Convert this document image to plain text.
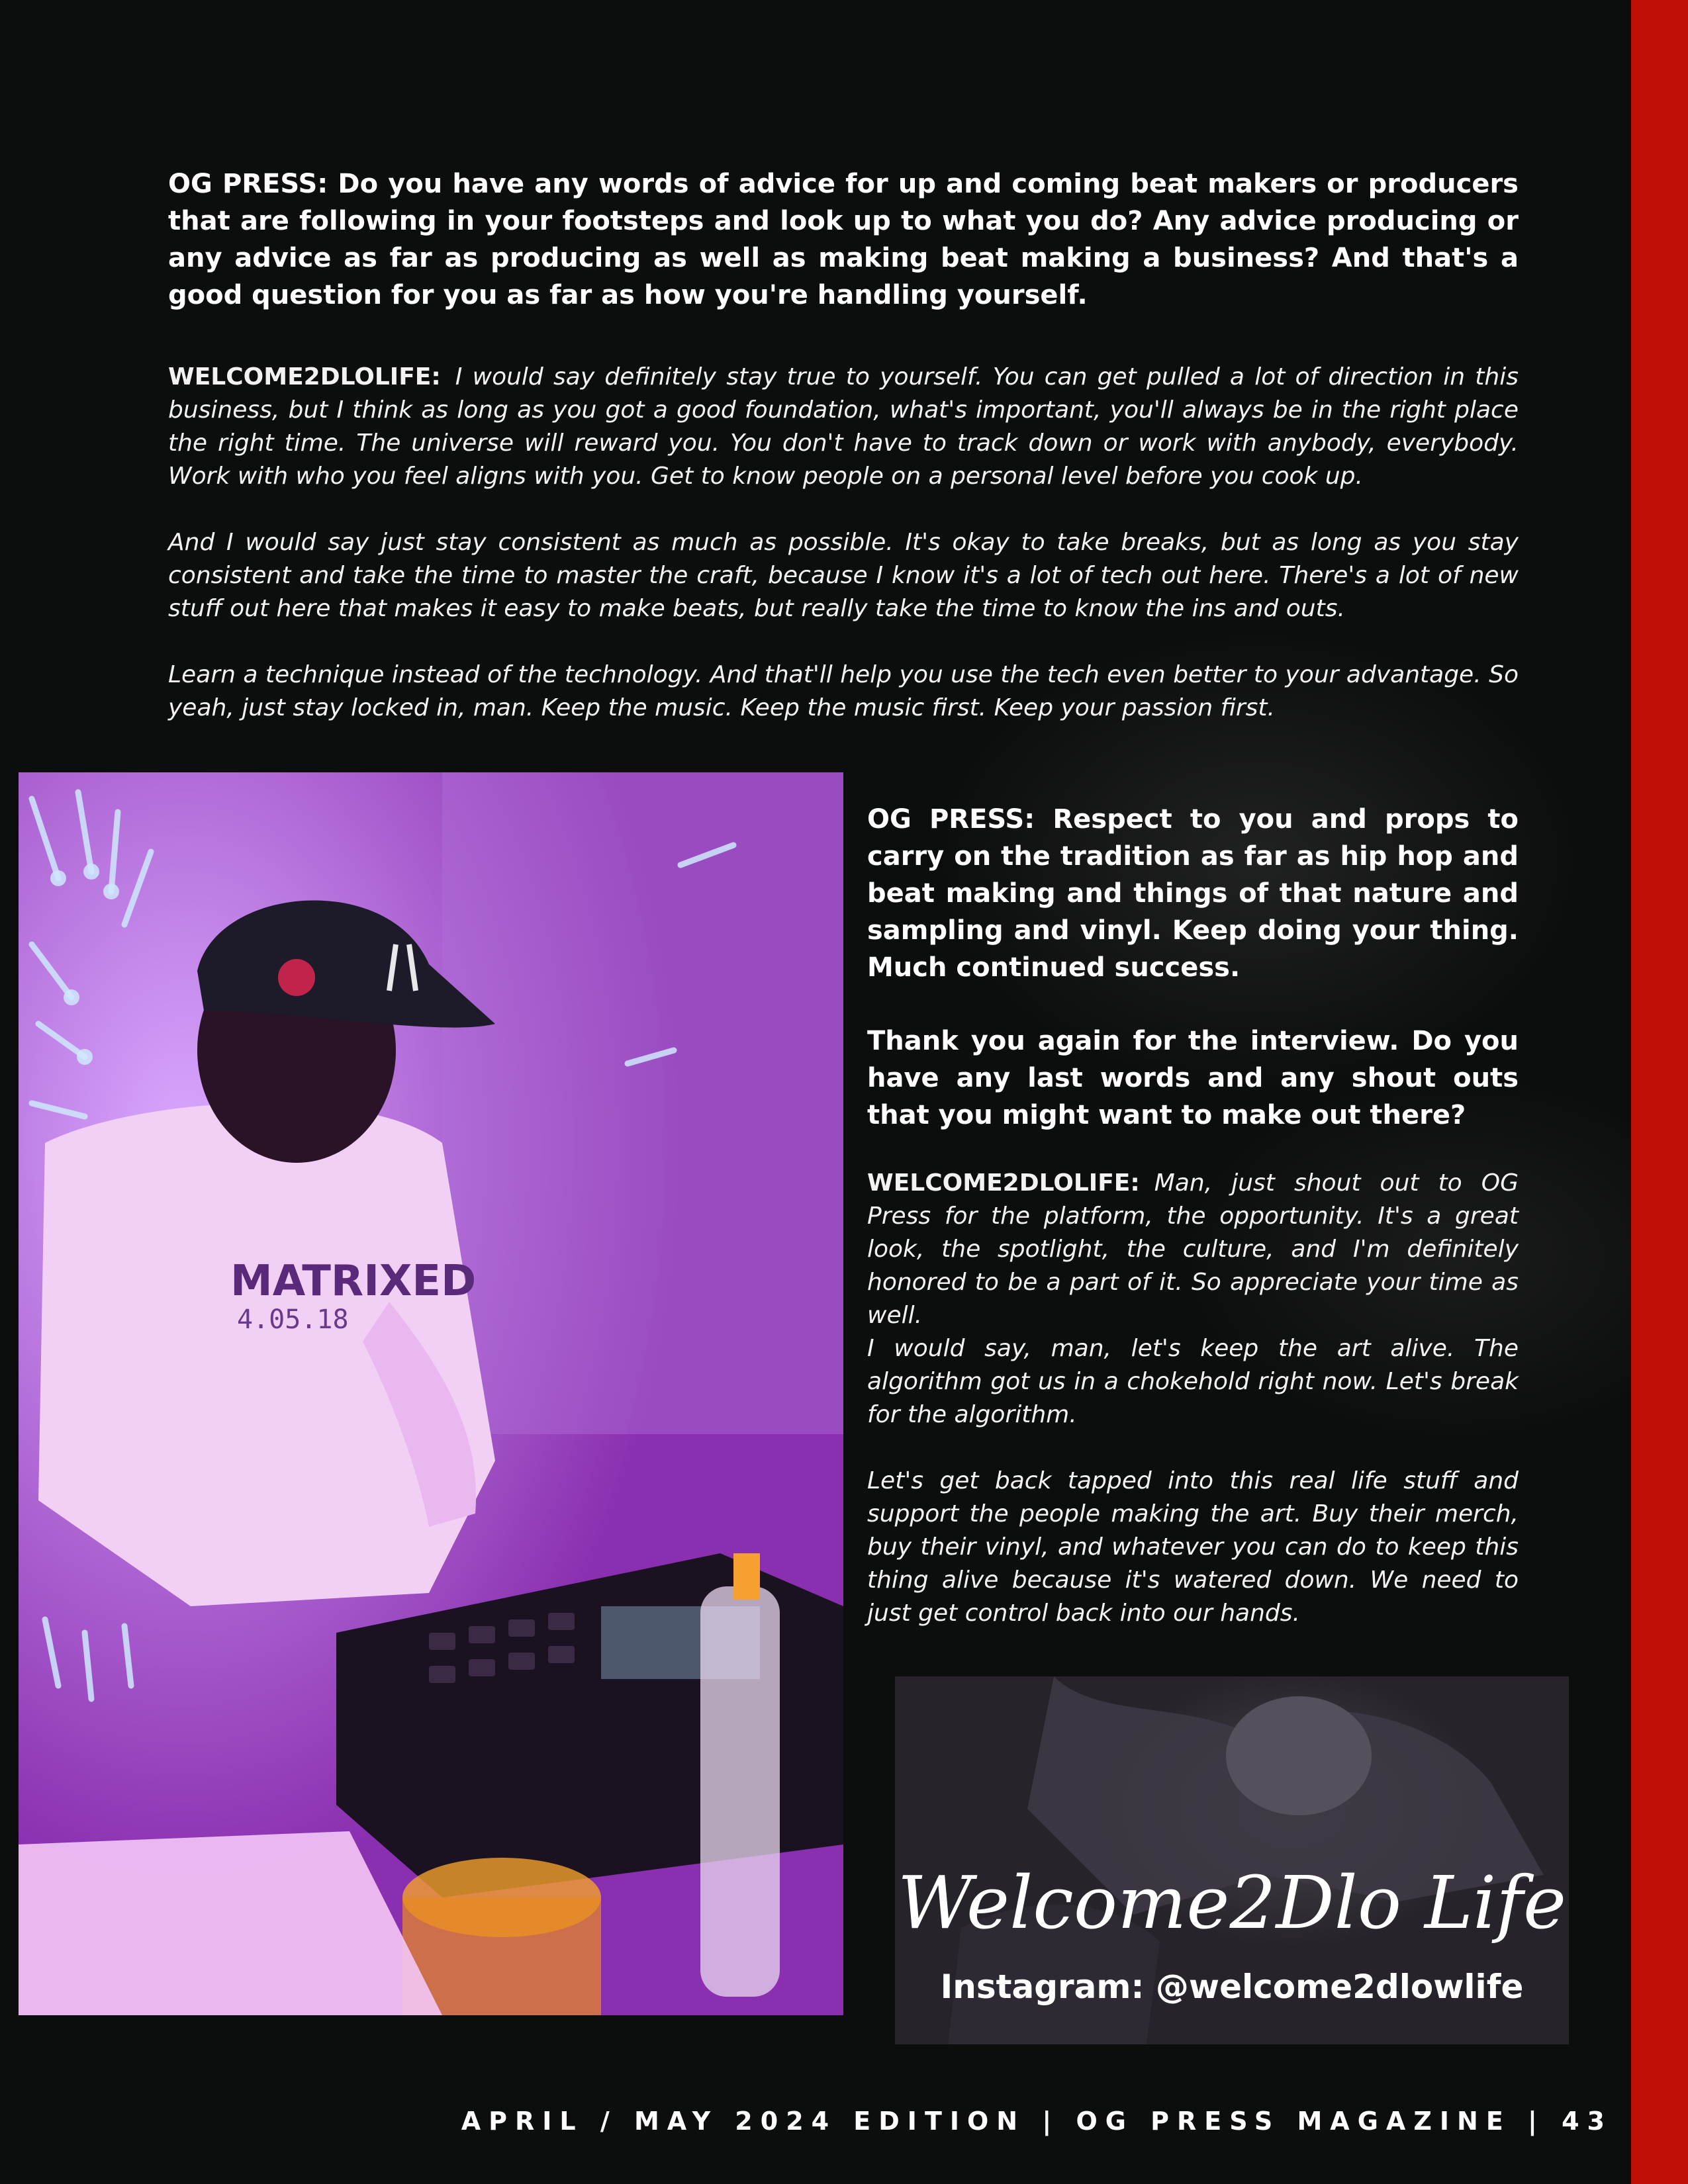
OG PRESS: Do you have any words of advice for up and coming beat makers or producers that are following in your footsteps and look up to what you do? Any advice producing or any advice as far as producing as well as making beat making a business? And that's a good question for you as far as how you're handling yourself.

WELCOME2DLOLIFE: I would say definitely stay true to yourself. You can get pulled a lot of direction in this business, but I think as long as you got a good foundation, what's important, you'll always be in the right place the right time. The universe will reward you. You don't have to track down or work with anybody, everybody. Work with who you feel aligns with you. Get to know people on a personal level before you cook up.

And I would say just stay consistent as much as possible. It's okay to take breaks, but as long as you stay consistent and take the time to master the craft, because I know it's a lot of tech out here. There's a lot of new stuff out here that makes it easy to make beats, but really take the time to know the ins and outs.

Learn a technique instead of the technology. And that'll help you use the tech even better to your advantage. So yeah, just stay locked in, man. Keep the music. Keep the music first. Keep your passion first.

MATRIXED
4.05.18

OG PRESS: Respect to you and props to carry on the tradition as far as hip hop and beat making and things of that nature and sampling and vinyl. Keep doing your thing. Much continued success.

Thank you again for the interview. Do you have any last words and any shout outs that you might want to make out there?

WELCOME2DLOLIFE: Man, just shout out to OG Press for the platform, the opportunity. It's a great look, the spotlight, the culture, and I'm definitely honored to be a part of it. So appreciate your time as well.

I would say, man, let's keep the art alive. The algorithm got us in a chokehold right now. Let's break for the algorithm.

Let's get back tapped into this real life stuff and support the people making the art. Buy their merch, buy their vinyl, and whatever you can do to keep this thing alive because it's watered down. We need to just get control back into our hands.

Welcome2Dlo Life
Instagram: @welcome2dlowlife
APRIL / MAY 2024 EDITION | OG PRESS MAGAZINE | 43
